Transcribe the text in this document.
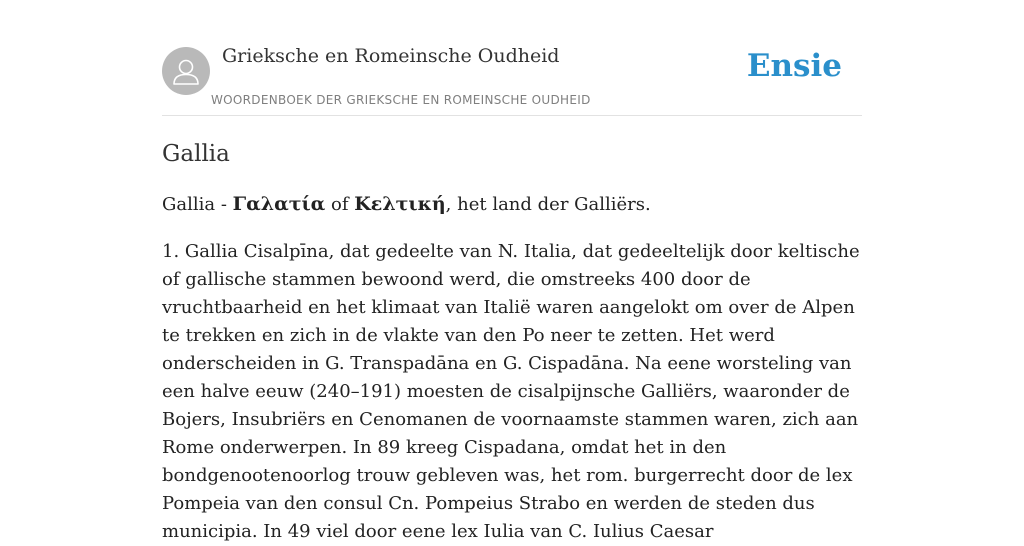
Grieksche en Romeinsche Oudheid
WOORDENBOEK DER GRIEKSCHE EN ROMEINSCHE OUDHEID
Ensie
Gallia

Gallia - Γαλατία of Κελτική, het land der Galliërs.

1. Gallia Cisalpīna, dat gedeelte van N. Italia, dat gedeeltelijk door keltische of gallische stammen bewoond werd, die omstreeks 400 door de vruchtbaarheid en het klimaat van Italië waren aangelokt om over de Alpen te trekken en zich in de vlakte van den Po neer te zetten. Het werd onderscheiden in G. Transpadāna en G. Cispadāna. Na eene worsteling van een halve eeuw (240–191) moesten de cisalpijnsche Galliërs, waaronder de Bojers, Insubriërs en Cenomanen de voornaamste stammen waren, zich aan Rome onderwerpen. In 89 kreeg Cispadana, omdat het in den bondgenootenoorlog trouw gebleven was, het rom. burgerrecht door de lex Pompeia van den consul Cn. Pompeius Strabo en werden de steden dus municipia. In 49 viel door eene lex Iulia van C. Iulius Caesar
